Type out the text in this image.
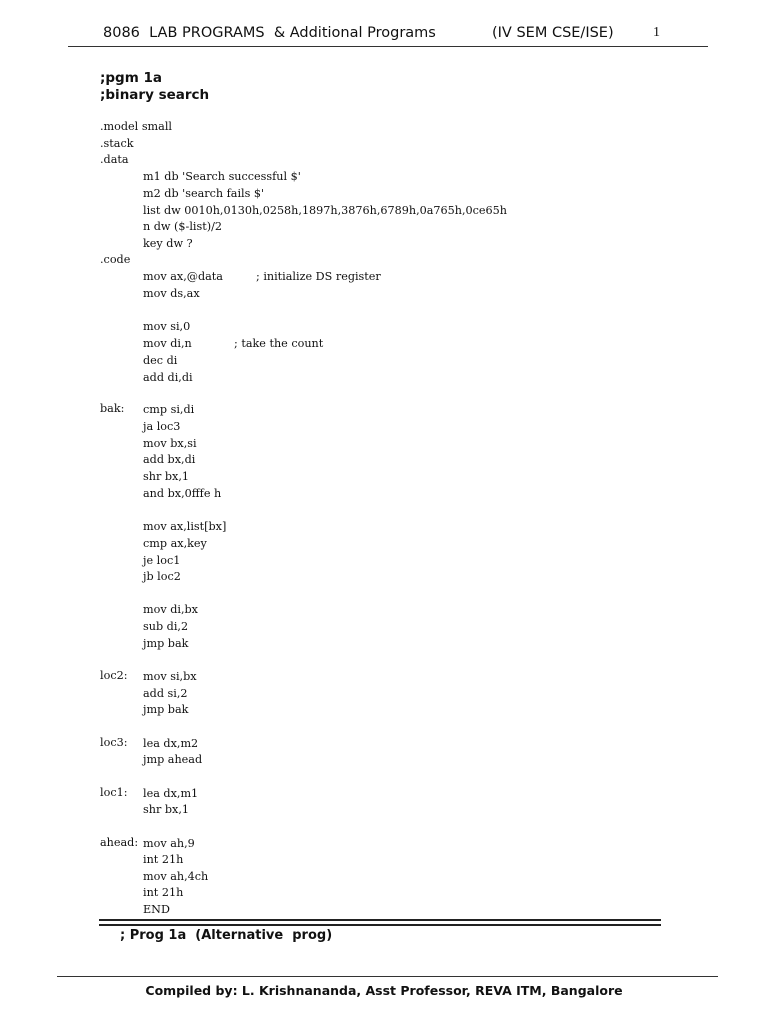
8086  LAB PROGRAMS  & Additional Programs	(IV SEM CSE/ISE)	1
;pgm 1a
;binary search
.model small
.stack
.data
m1 db 'Search successful $'
m2 db 'search fails $'
list dw 0010h,0130h,0258h,1897h,3876h,6789h,0a765h,0ce65h
n dw ($-list)/2
key dw ?
.code
mov ax,@data	; initialize DS register
mov ds,ax
mov si,0
mov di,n	; take the count
dec di
add di,di
bak: cmp si,di
ja loc3
mov bx,si
add bx,di
shr bx,1
and bx,0fffe h
mov ax,list[bx]
cmp ax,key
je loc1
jb loc2
mov di,bx
sub di,2
jmp bak
loc2: mov si,bx
add si,2
jmp bak
loc3: lea dx,m2
jmp ahead
loc1: lea dx,m1
shr bx,1
ahead: mov ah,9
int 21h
mov ah,4ch
int 21h
END
; Prog 1a  (Alternative  prog)
Compiled by: L. Krishnananda, Asst Professor, REVA ITM, Bangalore
